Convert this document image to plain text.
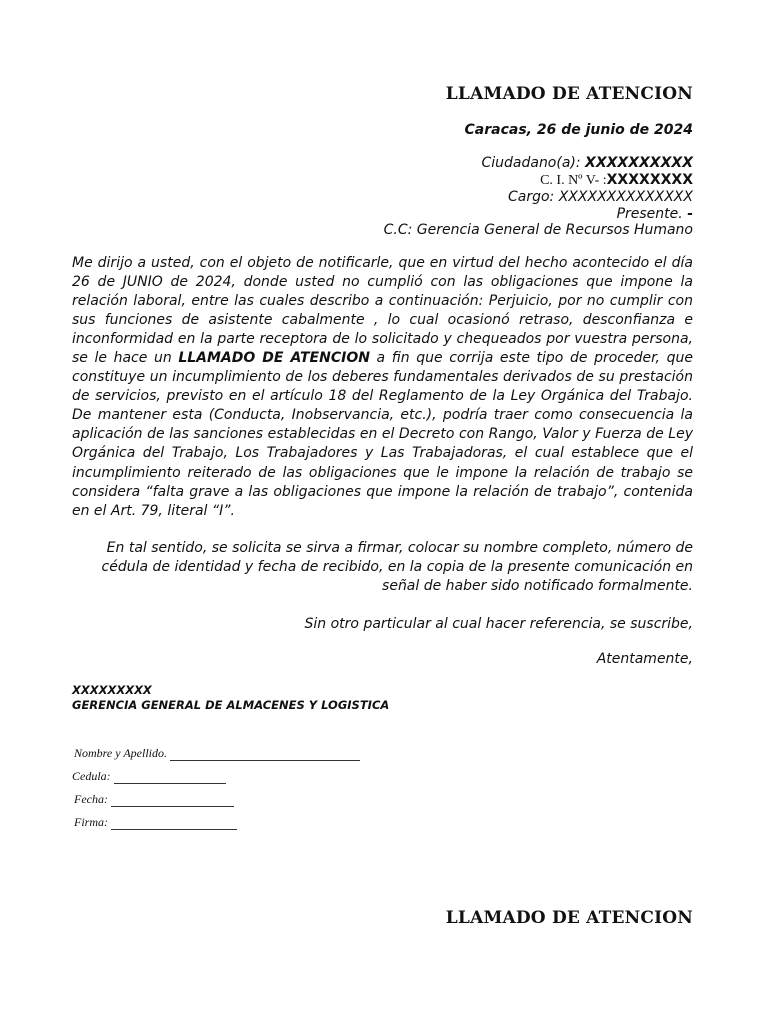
LLAMADO DE ATENCION
Caracas, 26 de junio de 2024
Ciudadano(a): XXXXXXXXXX
C. I. Nº V- :XXXXXXXX
Cargo: XXXXXXXXXXXXXX
Presente. -
C.C: Gerencia General de Recursos Humano

Me dirijo a usted, con el objeto de notificarle, que en virtud del hecho acontecido el día 26 de JUNIO de 2024, donde usted no cumplió con las obligaciones que impone la relación laboral, entre las cuales describo a continuación: Perjuicio, por no cumplir con sus funciones de asistente cabalmente , lo cual ocasionó retraso, desconfianza e inconformidad en la parte receptora de lo solicitado y chequeados por vuestra persona, se le hace un LLAMADO DE ATENCION a fin que corrija este tipo de proceder, que constituye un incumplimiento de los deberes fundamentales derivados de su prestación de servicios, previsto en el artículo 18 del Reglamento de la Ley Orgánica del Trabajo. De mantener esta (Conducta, Inobservancia, etc.), podría traer como consecuencia la aplicación de las sanciones establecidas en el Decreto con Rango, Valor y Fuerza de Ley Orgánica del Trabajo, Los Trabajadores y Las Trabajadoras, el cual establece que el incumplimiento reiterado de las obligaciones que le impone la relación de trabajo se considera “falta grave a las obligaciones que impone la relación de trabajo”, contenida en el Art. 79, literal “I”.

En tal sentido, se solicita se sirva a firmar, colocar su nombre completo, número de cédula de identidad y fecha de recibido, en la copia de la presente comunicación en señal de haber sido notificado formalmente.

Sin otro particular al cual hacer referencia, se suscribe,
Atentamente,
XXXXXXXXX
GERENCIA GENERAL DE ALMACENES Y LOGISTICA
Nombre y Apellido.
Cedula:
Fecha:
Firma:
LLAMADO DE ATENCION
